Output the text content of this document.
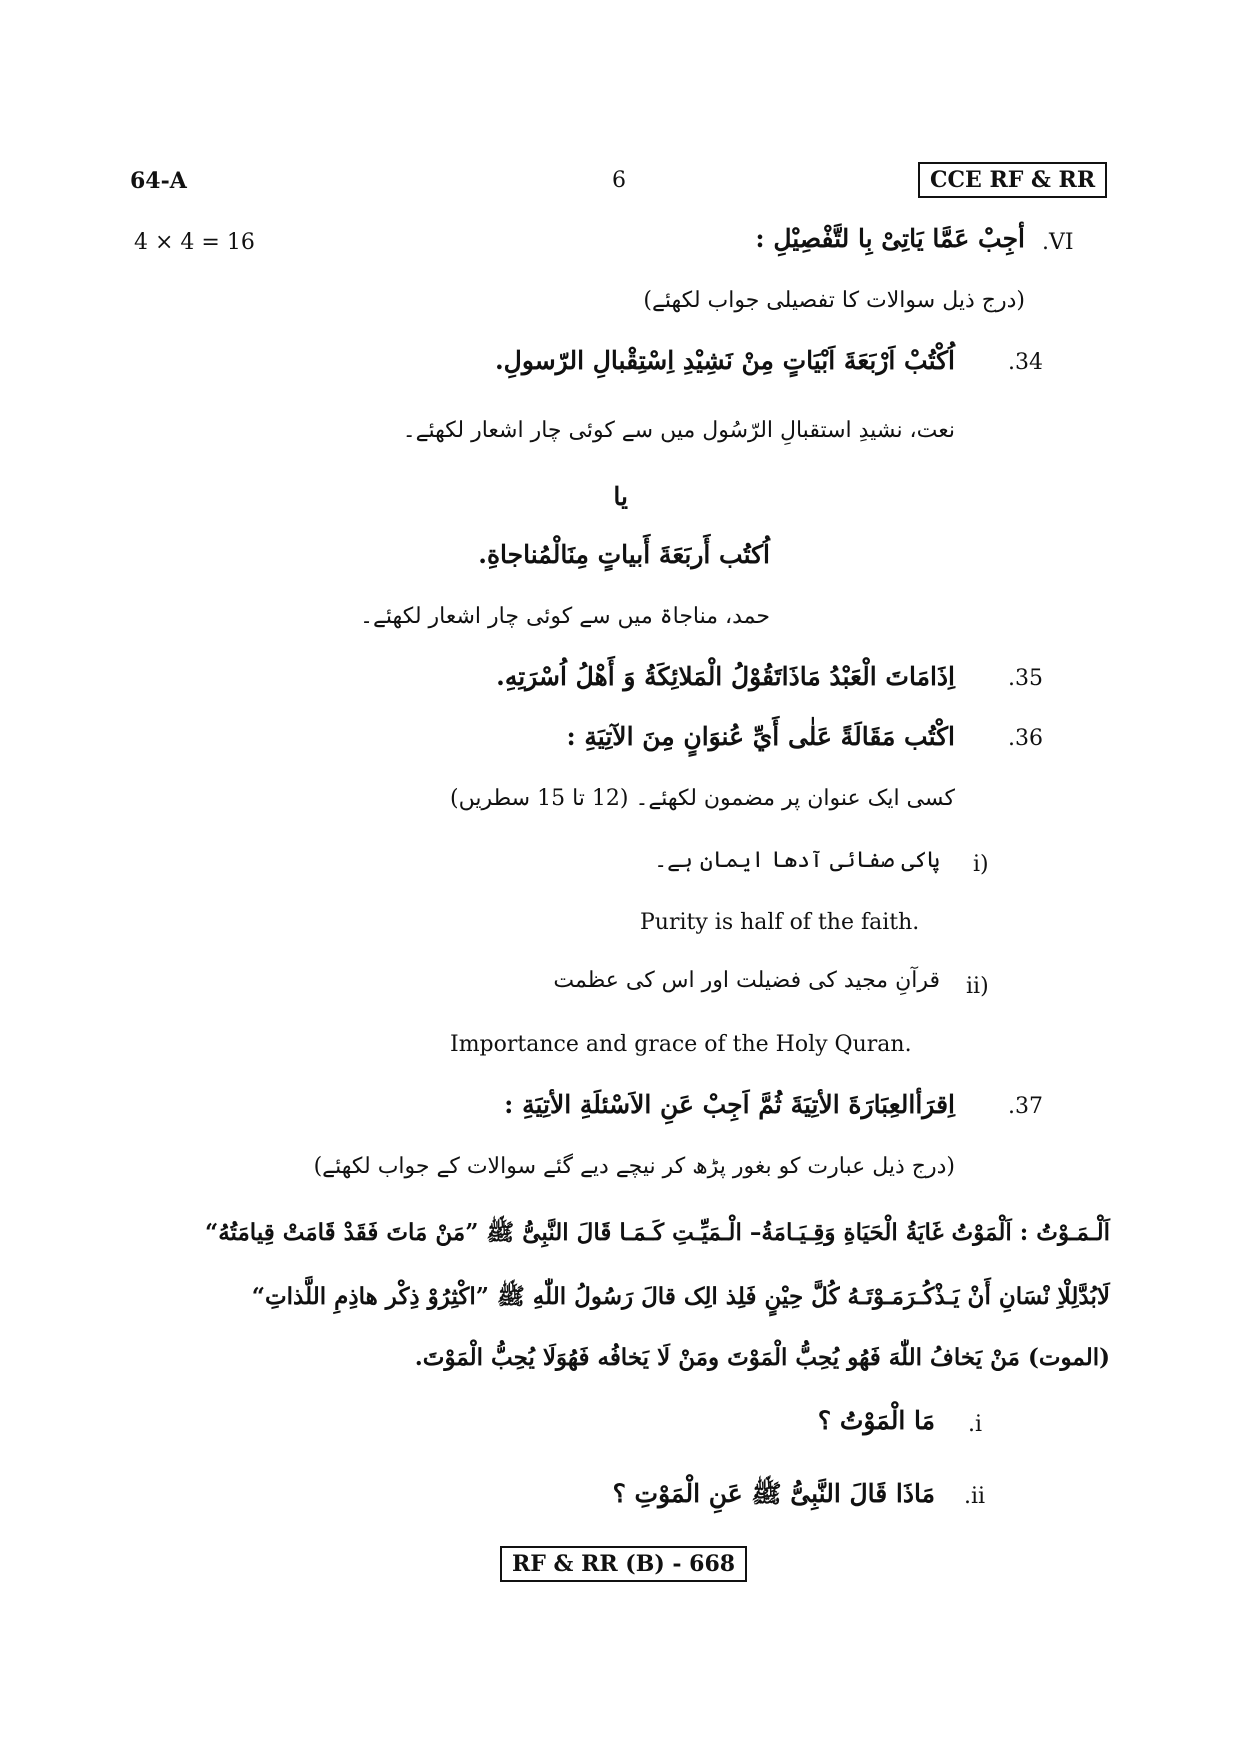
64-A	6	CCE RF & RR
4 × 4 = 16	.VI
أجِبْ عَمَّا يَاتِىْ بِا لتَّفْصِيْلِ :
(درج ذیل سوالات کا تفصیلی جواب لکھئے)
.34
اُكْتُبْ اَرْبَعَةَ اَبْيَاتٍ مِنْ نَشِيْدِ اِسْتِقْبالِ الرّسولِ.
نعت، نشیدِ استقبالِ الرّسُول میں سے کوئی چار اشعار لکھئے۔
یا
اُكتُب أَربَعَةَ أَبياتٍ مِنَالْمُناجاةِ.
حمد، مناجاۃ میں سے کوئی چار اشعار لکھئے۔
.35
اِذَامَاتَ الْعَبْدُ مَاذَاتَقُوْلُ الْمَلائِكَةُ وَ أَهْلُ اُسْرَتِهِ.
.36
اكْتُب مَقَالَةً عَلٰى أَيِّ عُنوَانٍ مِنَ الآتِيَةِ :
کسی ایک عنوان پر مضمون لکھئے۔ (12 تا 15 سطریں)
i)
پاکی صفائی آدھا ایمان ہے۔
Purity is half of the faith.
ii)
قرآنِ مجید کی فضیلت اور اس کی عظمت
Importance and grace of the Holy Quran.
.37
اِقرَأالعِبَارَةَ الأتِيَةَ ثُمَّ اَجِبْ عَنِ الاَسْئلَةِ الأتِيَةِ :
(درج ذیل عبارت کو بغور پڑھ کر نیچے دیے گئے سوالات کے جواب لکھئے)
اَلْـمَـوْتُ : اَلْمَوْتُ غَايَةُ الْحَيَاةِ وَقِـيَـامَةُ– الْـمَيِّـتِ كَـمَـا قَالَ النَّبِىُّ ﷺ ”مَنْ مَاتَ فَقَدْ قَامَتْ قِيامَتُهُ“
لَابُدَّلِلْاِ نْسَانِ أَنْ يَـذْكُـرَمَـوْتَـهُ كُلَّ حِيْنٍ فَلِذ الِک قالَ رَسُولُ اللّٰهِ ﷺ ”اكْثِرُوْ ذِكْر هاذِمِ اللَّذاتِ“
(الموت) مَنْ يَخافُ اللّٰهَ فَهُو يُحِبُّ الْمَوْتَ ومَنْ لَا يَخافُه فَهُوَلَا يُحِبُّ الْمَوْتَ.
.i
مَا الْمَوْتُ ؟
.ii
مَاذَا قَالَ النَّبِىُّ ﷺ عَنِ الْمَوْتِ ؟
RF & RR (B) - 668
